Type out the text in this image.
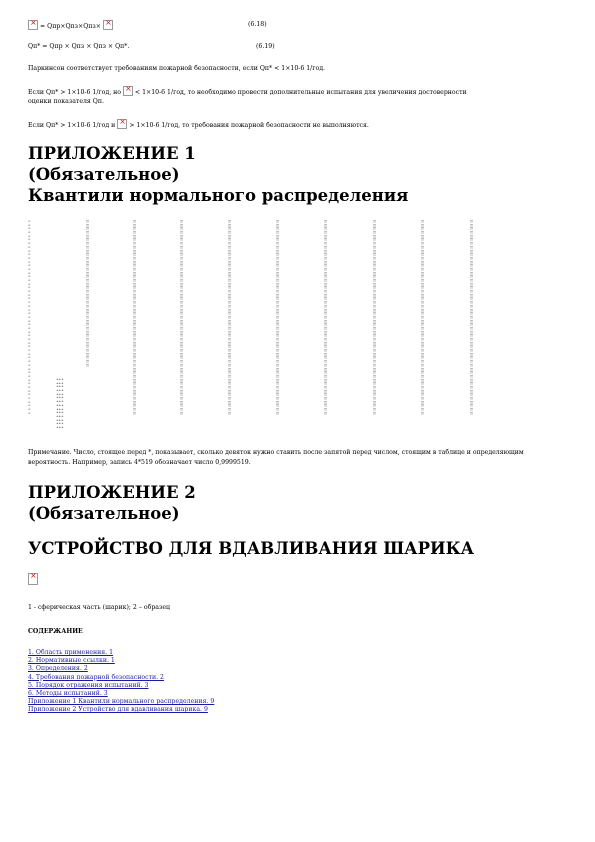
× = Qпр×Qпз×Qпз× ×	(6.18)
Qп* = Qпр × Qпз × Qпз × Qп*.	(6.19)
Паркинсон соответствует требованиям пожарной безопасности, если Qп* < 1×10-6 1/год.
Если Qп* > 1×10-6 1/год, но × < 1×10-6 1/год, то необходимо провести дополнительные испытания для увеличения достоверности
оценки показателя Qп.
Если Qп* > 1×10-6 1/год и × > 1×10-6 1/год, то требования пожарной безопасности не выполняются.
ПРИЛОЖЕНИЕ 1
(Обязательное)
Квантили нормального распределения
<
<
<
<
<
<
<
<
<
<
<
<
<
<
<
<
<
<
<
<
<
<
<
<
<
<
<
<
<
<
<
<
<
<
<
<
<
<
<
<
<
<
<
<
<
<
<
<
<
<
<
<
<
+++
+++
+++
+++
+++
+++
+++
+++
+++
+++
+++
+++
+++
+++
¦¦¦
¦¦¦
¦¦¦
¦¦¦
¦¦¦
¦¦¦
¦¦¦
¦¦¦
¦¦¦
¦¦¦
¦¦¦
¦¦¦
¦¦¦
¦¦¦
¦¦¦
¦¦¦
¦¦¦
¦¦¦
¦¦¦
¦¦¦
¦¦¦
¦¦¦
¦¦¦
¦¦¦
¦¦¦
¦¦¦
¦¦¦
¦¦¦
¦¦¦
¦¦¦
¦¦¦
¦¦¦
¦¦¦
¦¦¦
¦¦¦
¦¦¦
¦¦¦
¦¦¦
¦¦¦
¦¦¦
¦¦¦
¦¦¦
¦¦¦
¦¦¦
¦¦¦
¦¦¦
¦¦¦
¦¦¦
¦¦¦
¦¦¦
¦¦¦
¦¦¦
¦¦¦
¦¦¦
¦¦¦
¦¦¦
¦¦¦
¦¦¦
¦¦¦
¦¦¦
¦¦¦
¦¦¦
¦¦¦
¦¦¦
¦¦¦
¦¦¦
¦¦¦
¦¦¦
¦¦¦
¦¦¦
¦¦¦
¦¦¦
¦¦¦
¦¦¦
¦¦¦
¦¦¦
¦¦¦
¦¦¦
¦¦¦
¦¦¦
¦¦¦
¦¦¦
¦¦¦
¦¦¦
¦¦¦
¦¦¦
¦¦¦
¦¦¦
¦¦¦
¦¦¦
¦¦¦
¦¦¦
¦¦¦
¦¦¦
¦¦¦
¦¦¦
¦¦¦
¦¦¦
¦¦¦
¦¦¦
¦¦¦
¦¦¦
¦¦¦
¦¦¦
¦¦¦
¦¦¦
¦¦¦
¦¦¦
¦¦¦
¦¦¦
¦¦¦
¦¦¦
¦¦¦
¦¦¦
¦¦¦
¦¦¦
¦¦¦
¦¦¦
¦¦¦
¦¦¦
¦¦¦
¦¦¦
¦¦¦
¦¦¦
¦¦¦
¦¦¦
¦¦¦
¦¦¦
¦¦¦
¦¦¦
¦¦¦
¦¦¦
¦¦¦
¦¦¦
¦¦¦
¦¦¦
¦¦¦
¦¦¦
¦¦¦
¦¦¦
¦¦¦
¦¦¦
¦¦¦
¦¦¦
¦¦¦
¦¦¦
¦¦¦
¦¦¦
¦¦¦
¦¦¦
¦¦¦
¦¦¦
¦¦¦
¦¦¦
¦¦¦
¦¦¦
¦¦¦
¦¦¦
¦¦¦
¦¦¦
¦¦¦
¦¦¦
¦¦¦
¦¦¦
¦¦¦
¦¦¦
¦¦¦
¦¦¦
¦¦¦
¦¦¦
¦¦¦
¦¦¦
¦¦¦
¦¦¦
¦¦¦
¦¦¦
¦¦¦
¦¦¦
¦¦¦
¦¦¦
¦¦¦
¦¦¦
¦¦¦
¦¦¦
¦¦¦
¦¦¦
¦¦¦
¦¦¦
¦¦¦
¦¦¦
¦¦¦
¦¦¦
¦¦¦
¦¦¦
¦¦¦
¦¦¦
¦¦¦
¦¦¦
¦¦¦
¦¦¦
¦¦¦
¦¦¦
¦¦¦
¦¦¦
¦¦¦
¦¦¦
¦¦¦
¦¦¦
¦¦¦
¦¦¦
¦¦¦
¦¦¦
¦¦¦
¦¦¦
¦¦¦
¦¦¦
¦¦¦
¦¦¦
¦¦¦
¦¦¦
¦¦¦
¦¦¦
¦¦¦
¦¦¦
¦¦¦
¦¦¦
¦¦¦
¦¦¦
¦¦¦
¦¦¦
¦¦¦
¦¦¦
¦¦¦
¦¦¦
¦¦¦
¦¦¦
¦¦¦
¦¦¦
¦¦¦
¦¦¦
¦¦¦
¦¦¦
¦¦¦
¦¦¦
¦¦¦
¦¦¦
¦¦¦
¦¦¦
¦¦¦
¦¦¦
¦¦¦
¦¦¦
¦¦¦
¦¦¦
¦¦¦
¦¦¦
¦¦¦
¦¦¦
¦¦¦
¦¦¦
¦¦¦
¦¦¦
¦¦¦
¦¦¦
¦¦¦
¦¦¦
¦¦¦
¦¦¦
¦¦¦
¦¦¦
¦¦¦
¦¦¦
¦¦¦
¦¦¦
¦¦¦
¦¦¦
¦¦¦
¦¦¦
¦¦¦
¦¦¦
¦¦¦
¦¦¦
¦¦¦
¦¦¦
¦¦¦
¦¦¦
¦¦¦
¦¦¦
¦¦¦
¦¦¦
¦¦¦
¦¦¦
¦¦¦
¦¦¦
¦¦¦
¦¦¦
¦¦¦
¦¦¦
¦¦¦
¦¦¦
¦¦¦
¦¦¦
¦¦¦
¦¦¦
¦¦¦
¦¦¦
¦¦¦
¦¦¦
¦¦¦
¦¦¦
¦¦¦
¦¦¦
¦¦¦
¦¦¦
¦¦¦
¦¦¦
¦¦¦
¦¦¦
¦¦¦
¦¦¦
¦¦¦
¦¦¦
¦¦¦
¦¦¦
¦¦¦
¦¦¦
¦¦¦
¦¦¦
¦¦¦
¦¦¦
¦¦¦
¦¦¦
¦¦¦
¦¦¦
¦¦¦
¦¦¦
¦¦¦
¦¦¦
¦¦¦
¦¦¦
¦¦¦
¦¦¦
¦¦¦
¦¦¦
¦¦¦
¦¦¦
¦¦¦
¦¦¦
¦¦¦
¦¦¦
¦¦¦
¦¦¦
¦¦¦
¦¦¦
¦¦¦
¦¦¦
¦¦¦
¦¦¦
¦¦¦
¦¦¦
¦¦¦
¦¦¦
¦¦¦
¦¦¦
¦¦¦
¦¦¦
¦¦¦
¦¦¦
¦¦¦
¦¦¦
¦¦¦
¦¦¦
¦¦¦
¦¦¦
¦¦¦
¦¦¦
¦¦¦
¦¦¦
¦¦¦
¦¦¦
¦¦¦
¦¦¦
¦¦¦
¦¦¦
¦¦¦
¦¦¦
¦¦¦
¦¦¦
¦¦¦
¦¦¦
¦¦¦
¦¦¦
¦¦¦
¦¦¦
¦¦¦
¦¦¦
¦¦¦
¦¦¦
¦¦¦
¦¦¦
¦¦¦
¦¦¦
¦¦¦
¦¦¦
¦¦¦
¦¦¦
¦¦¦
¦¦¦
¦¦¦
¦¦¦
¦¦¦
¦¦¦
¦¦¦
¦¦¦
¦¦¦
¦¦¦
¦¦¦
¦¦¦
¦¦¦
¦¦¦
¦¦¦
¦¦¦
¦¦¦
¦¦¦
¦¦¦
¦¦¦
¦¦¦
¦¦¦
¦¦¦
¦¦¦
¦¦¦
¦¦¦
¦¦¦
¦¦¦
¦¦¦
¦¦¦
¦¦¦
¦¦¦
¦¦¦
¦¦¦
¦¦¦
¦¦¦
¦¦¦
¦¦¦
¦¦¦
¦¦¦
¦¦¦
¦¦¦
¦¦¦
¦¦¦
¦¦¦
¦¦¦
¦¦¦
¦¦¦
¦¦¦
¦¦¦
¦¦¦
¦¦¦
¦¦¦
¦¦¦
¦¦¦
¦¦¦
¦¦¦
¦¦¦
Примечание. Число, стоящее перед *, показывает, сколько девяток нужно ставить после запятой перед числом, стоящим в таблице и определяющим вероятность. Например, запись 4*519 обозначает число 0,9999519.
ПРИЛОЖЕНИЕ 2
(Обязательное)
УСТРОЙСТВО ДЛЯ ВДАВЛИВАНИЯ ШАРИКА
×
1 - сферическая часть (шарик); 2 – образец
СОДЕРЖАНИЕ
1. Область применения. 1
2. Нормативные ссылки. 1
3. Определения. 2
4. Требования пожарной безопасности. 2
5. Порядок отражения испытаний. 3
6. Методы испытаний. 3
Приложение 1 Квантили нормального распределения. 9
Приложение 2 Устройство для вдавливания шарика. 9
